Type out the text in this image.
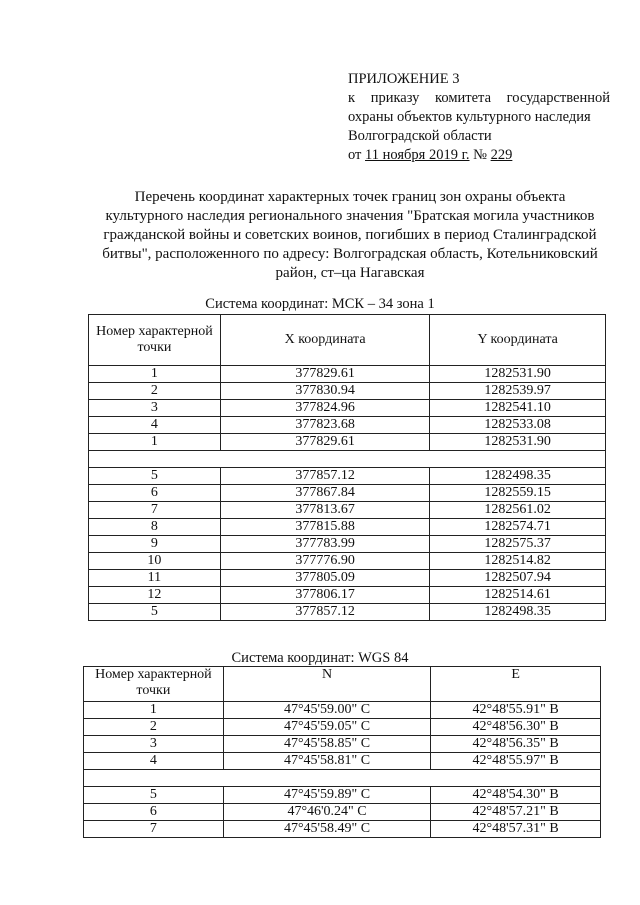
ПРИЛОЖЕНИЕ 3
к приказу комитета государственной
охраны объектов культурного наследия
Волгоградской области
от 11 ноября 2019 г. № 229
Перечень координат характерных точек границ зон охраны объекта
культурного наследия регионального значения "Братская могила участников
гражданской войны и советских воинов, погибших в период Сталинградской
битвы", расположенного по адресу: Волгоградская область, Котельниковский
район, ст–ца Нагавская
Система координат: МСК – 34 зона 1
Номер характерной точки	X координата	Y координата
1	377829.61	1282531.90
2	377830.94	1282539.97
3	377824.96	1282541.10
4	377823.68	1282533.08
1	377829.61	1282531.90

5	377857.12	1282498.35
6	377867.84	1282559.15
7	377813.67	1282561.02
8	377815.88	1282574.71
9	377783.99	1282575.37
10	377776.90	1282514.82
11	377805.09	1282507.94
12	377806.17	1282514.61
5	377857.12	1282498.35
Система координат: WGS 84
Номер характерной точки	N	E
1	47°45'59.00" С	42°48'55.91" В
2	47°45'59.05" С	42°48'56.30" В
3	47°45'58.85" С	42°48'56.35" В
4	47°45'58.81" С	42°48'55.97" В

5	47°45'59.89" С	42°48'54.30" В
6	47°46'0.24" С	42°48'57.21" В
7	47°45'58.49" С	42°48'57.31" В
